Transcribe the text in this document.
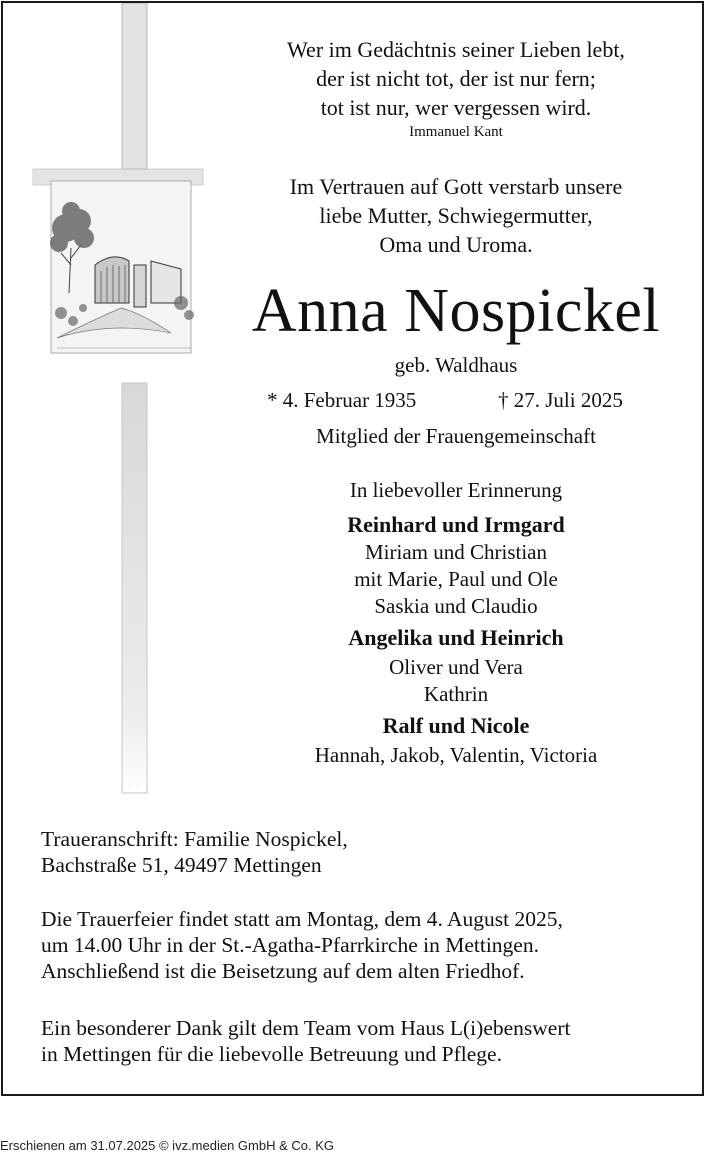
Wer im Gedächtnis seiner Lieben lebt,
der ist nicht tot, der ist nur fern;
tot ist nur, wer vergessen wird.
Immanuel Kant
Im Vertrauen auf Gott verstarb unsere
liebe Mutter, Schwiegermutter,
Oma und Uroma.
Anna Nospickel
geb. Waldhaus
* 4. Februar 1935	† 27. Juli 2025
Mitglied der Frauengemeinschaft
In liebevoller Erinnerung
Reinhard und Irmgard
Miriam und Christian
mit Marie, Paul und Ole
Saskia und Claudio
Angelika und Heinrich
Oliver und Vera
Kathrin
Ralf und Nicole
Hannah, Jakob, Valentin, Victoria
Traueranschrift: Familie Nospickel,
Bachstraße 51, 49497 Mettingen
Die Trauerfeier findet statt am Montag, dem 4. August 2025,
um 14.00 Uhr in der St.-Agatha-Pfarrkirche in Mettingen.
Anschließend ist die Beisetzung auf dem alten Friedhof.
Ein besonderer Dank gilt dem Team vom Haus L(i)ebenswert
in Mettingen für die liebevolle Betreuung und Pflege.
Erschienen am 31.07.2025 © ivz.medien GmbH & Co. KG
